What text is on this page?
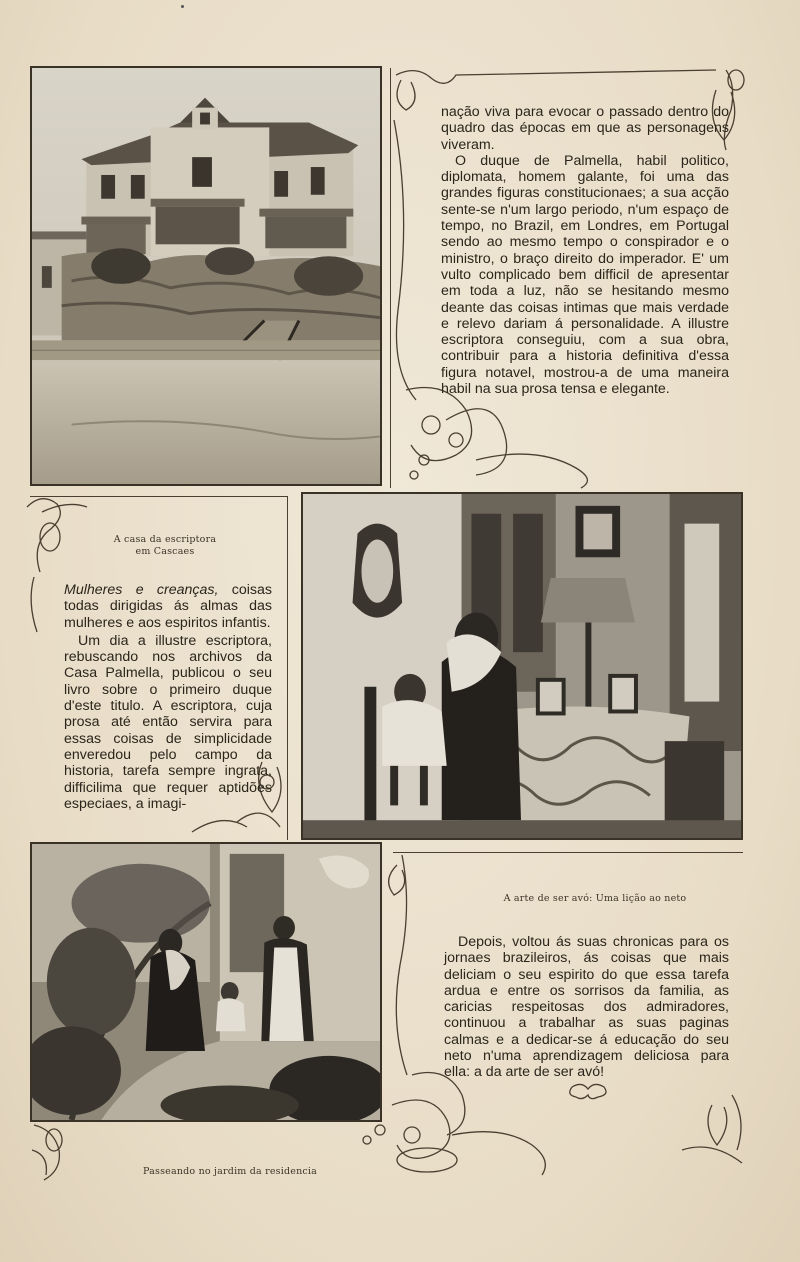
nação viva para evocar o passado dentro do quadro das épocas em que as personagens viveram.

O duque de Palmella, habil politico, diplomata, homem galante, foi uma das grandes figuras constitucionaes; a sua acção sente-se n'um largo periodo, n'um espaço de tempo, no Brazil, em Londres, em Portugal sendo ao mesmo tempo o conspirador e o ministro, o braço direito do imperador. E' um vulto complicado bem difficil de apresentar em toda a luz, não se hesitando mesmo deante das coisas intimas que mais verdade e relevo dariam á personalidade. A illustre escriptora conseguiu, com a sua obra, contribuir para a historia definitiva d'essa figura notavel, mostrou-a de uma maneira habil na sua prosa tensa e elegante.

A casa da escriptora
em Cascaes

Mulheres e creanças, coisas todas dirigidas ás almas das mulheres e aos espiritos infantis.

Um dia a illustre escriptora, rebuscando nos archivos da Casa Palmella, publicou o seu livro sobre o primeiro duque d'este titulo. A escriptora, cuja prosa até então servira para essas coisas de simplicidade enveredou pelo campo da historia, tarefa sempre ingrata, difficilima que requer aptidões especiaes, a imagi-

A arte de ser avó: Uma lição ao neto

Depois, voltou ás suas chronicas para os jornaes brazileiros, ás coisas que mais deliciam o seu espirito do que essa tarefa ardua e entre os sorrisos da familia, as caricias respeitosas dos admiradores, continuou a trabalhar as suas paginas calmas e a dedicar-se á educação do seu neto n'uma aprendizagem deliciosa para ella: a da arte de ser avó!

Passeando no jardim da residencia
